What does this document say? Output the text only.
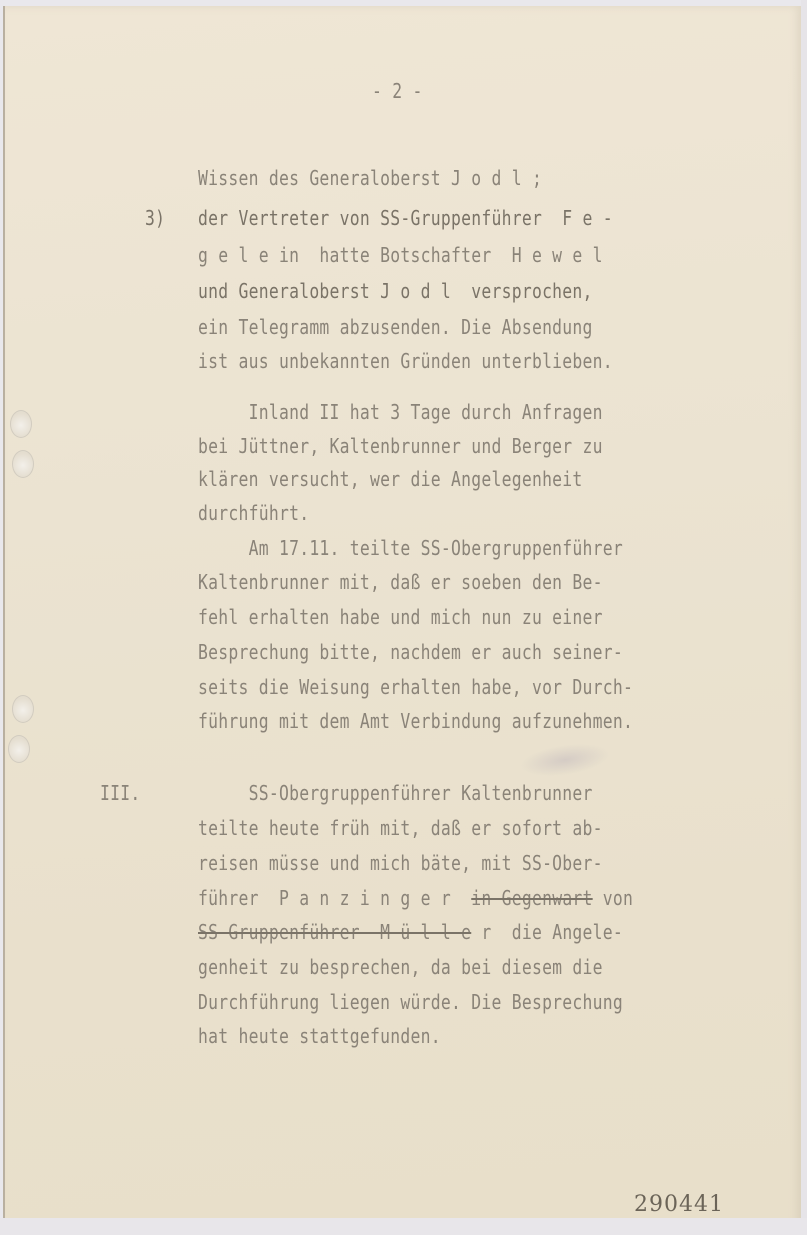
- 2 -
Wissen des Generaloberst J o d l ;
3) der Vertreter von SS-Gruppenführer  F e -
g e l e in  hatte Botschafter  H e w e l
und Generaloberst J o d l  versprochen,
ein Telegramm abzusenden. Die Absendung
ist aus unbekannten Gründen unterblieben.
Inland II hat 3 Tage durch Anfragen
bei Jüttner, Kaltenbrunner und Berger zu
klären versucht, wer die Angelegenheit
durchführt.
Am 17.11. teilte SS-Obergruppenführer
Kaltenbrunner mit, daß er soeben den Be-
fehl erhalten habe und mich nun zu einer
Besprechung bitte, nachdem er auch seiner-
seits die Weisung erhalten habe, vor Durch-
führung mit dem Amt Verbindung aufzunehmen.
III.	SS-Obergruppenführer Kaltenbrunner
teilte heute früh mit, daß er sofort ab-
reisen müsse und mich bäte, mit SS-Ober-
führer  P a n z i n g e r  in Gegenwart von
SS-Gruppenführer  M ü l l e r  die Angele-
genheit zu besprechen, da bei diesem die
Durchführung liegen würde. Die Besprechung
hat heute stattgefunden.
290441
